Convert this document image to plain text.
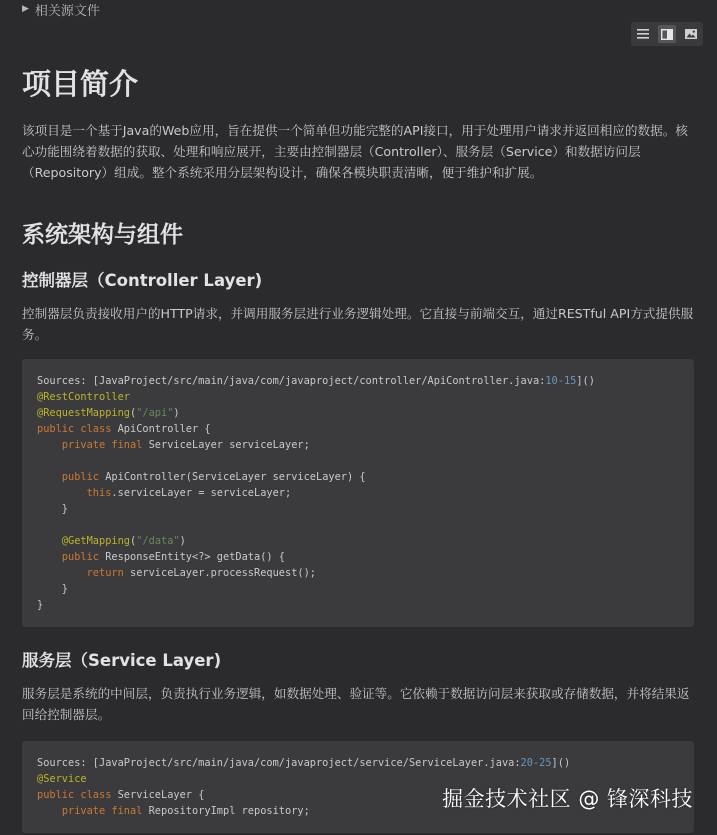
▶ 相关源文件
项目简介

该项目是一个基于Java的Web应用，旨在提供一个简单但功能完整的API接口，用于处理用户请求并返回相应的数据。核心功能围绕着数据的获取、处理和响应展开，主要由控制器层（Controller）、服务层（Service）和数据访问层（Repository）组成。整个系统采用分层架构设计，确保各模块职责清晰，便于维护和扩展。

系统架构与组件
控制器层（Controller Layer)

控制器层负责接收用户的HTTP请求，并调用服务层进行业务逻辑处理。它直接与前端交互，通过RESTful API方式提供服务。

Sources: [JavaProject/src/main/java/com/javaproject/controller/ApiController.java:10-15]()
@RestController
@RequestMapping("/api")
public class ApiController {
private final ServiceLayer serviceLayer;

public ApiController(ServiceLayer serviceLayer) {
this.serviceLayer = serviceLayer;
}

@GetMapping("/data")
public ResponseEntity<?> getData() {
return serviceLayer.processRequest();
}
}
服务层（Service Layer)

服务层是系统的中间层，负责执行业务逻辑，如数据处理、验证等。它依赖于数据访问层来获取或存储数据，并将结果返回给控制器层。

Sources: [JavaProject/src/main/java/com/javaproject/service/ServiceLayer.java:20-25]()
@Service
public class ServiceLayer {
private final RepositoryImpl repository;	掘金技术社区 @ 锋深科技
